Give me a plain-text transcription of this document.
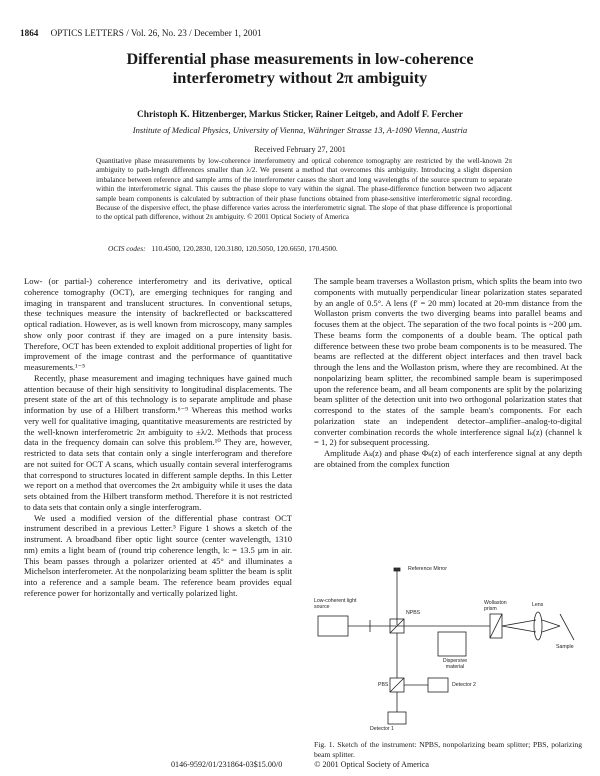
1864 OPTICS LETTERS / Vol. 26, No. 23 / December 1, 2001
Differential phase measurements in low-coherence
interferometry without 2π ambiguity
Christoph K. Hitzenberger, Markus Sticker, Rainer Leitgeb, and Adolf F. Fercher
Institute of Medical Physics, University of Vienna, Währinger Strasse 13, A-1090 Vienna, Austria
Received February 27, 2001
Quantitative phase measurements by low-coherence interferometry and optical coherence tomography are restricted by the well-known 2π ambiguity to path-length differences smaller than λ/2. We present a method that overcomes this ambiguity. Introducing a slight dispersion imbalance between reference and sample arms of the interferometer causes the short and long wavelengths of the source spectrum to separate within the interferometric signal. This causes the phase slope to vary within the signal. The phase-difference function between two adjacent sample beam components is calculated by subtraction of their phase functions obtained from phase-sensitive interferometric signal recording. Because of the dispersive effect, the phase difference varies across the interferometric signal. The slope of that phase difference is proportional to the optical path difference, without 2π ambiguity. © 2001 Optical Society of America
OCIS codes: 110.4500, 120.2830, 120.3180, 120.5050, 120.6650, 170.4500.

Low- (or partial-) coherence interferometry and its derivative, optical coherence tomography (OCT), are emerging techniques for ranging and imaging in transparent and translucent structures. In conventional setups, these techniques measure the intensity of backreflected or backscattered optical radiation. However, as is well known from microscopy, many samples show only poor contrast if they are imaged on a pure intensity basis. Therefore, OCT has been extended to exploit additional properties of light for improvement of the image contrast and the performance of quantitative measurements.¹⁻⁵

Recently, phase measurement and imaging techniques have gained much attention because of their high sensitivity to longitudinal displacements. The present state of the art of this technology is to separate amplitude and phase information by use of a Hilbert transform.⁶⁻⁹ Whereas this method works very well for qualitative imaging, quantitative measurements are restricted by the well-known interferometric 2π ambiguity to ±λ/2. Methods that process data in the frequency domain can solve this problem.¹⁰ They are, however, restricted to data sets that contain only a single interferogram and therefore are not suited for OCT A scans, which usually contain several interferograms that correspond to structures located in different sample depths. In this Letter we report on a method that overcomes the 2π ambiguity while it uses the data sets obtained from the Hilbert transform method. Therefore it is not restricted to data sets that contain only a single interferogram.

We used a modified version of the differential phase contrast OCT instrument described in a previous Letter.⁵ Figure 1 shows a sketch of the instrument. A broadband fiber optic light source (center wavelength, 1310 nm) emits a light beam of (round trip coherence length, lᴄ = 13.5 μm in air. This beam passes through a polarizer oriented at 45° and illuminates a Michelson interferometer. At the nonpolarizing beam splitter the beam is split into a reference and a sample beam. The reference beam provides equal reference power for horizontally and vertically polarized light.

The sample beam traverses a Wollaston prism, which splits the beam into two components with mutually perpendicular linear polarization states separated by an angle of 0.5°. A lens (f′ = 20 mm) located at 20-mm distance from the Wollaston prism converts the two diverging beams into parallel beams and focuses them at the object. The separation of the two focal points is ~200 μm. These beams form the components of a double beam. The optical path difference between these two probe beam components is to be measured. The beams are reflected at the different object interfaces and then travel back through the lens and the Wollaston prism, where they are recombined. At the nonpolarizing beam splitter, the recombined sample beam is superimposed upon the reference beam, and all beam components are split by the polarizing beam splitter of the detection unit into two orthogonal polarization states that correspond to the states of the sample beam's components. For each polarization state an independent detector–amplifier–analog-to-digital converter combination records the whole interference signal Iₖ(z) (channel k = 1, 2) for subsequent processing.

Amplitude Aₖ(z) and phase Φₖ(z) of each interference signal at any depth are obtained from the complex function

Reference Mirror
Low-coherent light source
NPBS
Dispersive material
Wollaston prism
Lens
Sample
PBS	Detector 2
Detector 1
Fig. 1. Sketch of the instrument: NPBS, nonpolarizing beam splitter; PBS, polarizing beam splitter.
0146-9592/01/231864-03$15.00/0	© 2001 Optical Society of America
